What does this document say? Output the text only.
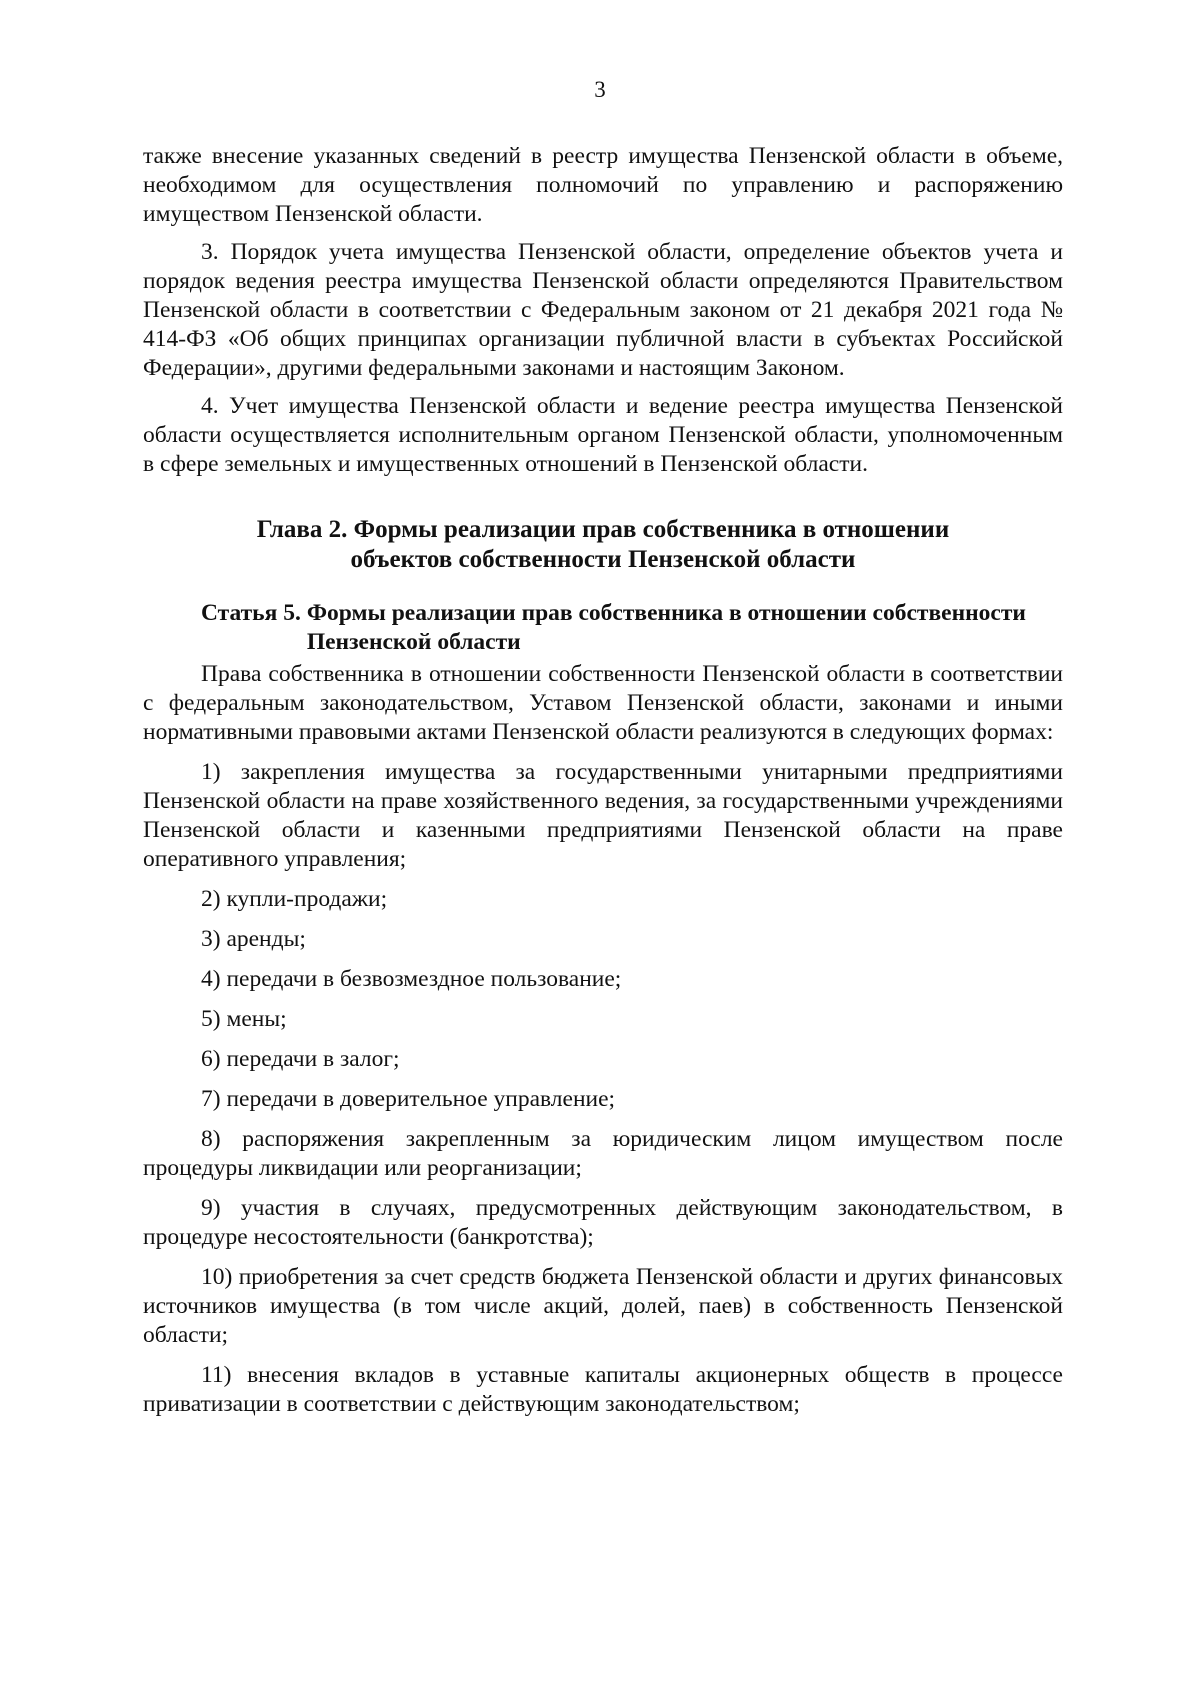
3

также внесение указанных сведений в реестр имущества Пензенской области в объеме, необходимом для осуществления полномочий по управлению и распоряжению имуществом Пензенской области.

3. Порядок учета имущества Пензенской области, определение объектов учета и порядок ведения реестра имущества Пензенской области определяются Правительством Пензенской области в соответствии с Федеральным законом от 21 декабря 2021 года № 414-ФЗ «Об общих принципах организации публичной власти в субъектах Российской Федерации», другими федеральными законами и настоящим Законом.

4. Учет имущества Пензенской области и ведение реестра имущества Пензенской области осуществляется исполнительным органом Пензенской области, уполномоченным в сфере земельных и имущественных отношений в Пензенской области.

Глава 2. Формы реализации прав собственника в отношении
объектов собственности Пензенской области
Статья 5. Формы реализации прав собственника в отношении собственности Пензенской области

Права собственника в отношении собственности Пензенской области в соответствии с федеральным законодательством, Уставом Пензенской области, законами и иными нормативными правовыми актами Пензенской области реализуются в следующих формах:

1) закрепления имущества за государственными унитарными предприятиями Пензенской области на праве хозяйственного ведения, за государственными учреждениями Пензенской области и казенными предприятиями Пензенской области на праве оперативного управления;

2) купли-продажи;

3) аренды;

4) передачи в безвозмездное пользование;

5) мены;

6) передачи в залог;

7) передачи в доверительное управление;

8) распоряжения закрепленным за юридическим лицом имуществом после процедуры ликвидации или реорганизации;

9) участия в случаях, предусмотренных действующим законодательством, в процедуре несостоятельности (банкротства);

10) приобретения за счет средств бюджета Пензенской области и других финансовых источников имущества (в том числе акций, долей, паев) в собственность Пензенской области;

11) внесения вкладов в уставные капиталы акционерных обществ в процессе приватизации в соответствии с действующим законодательством;
